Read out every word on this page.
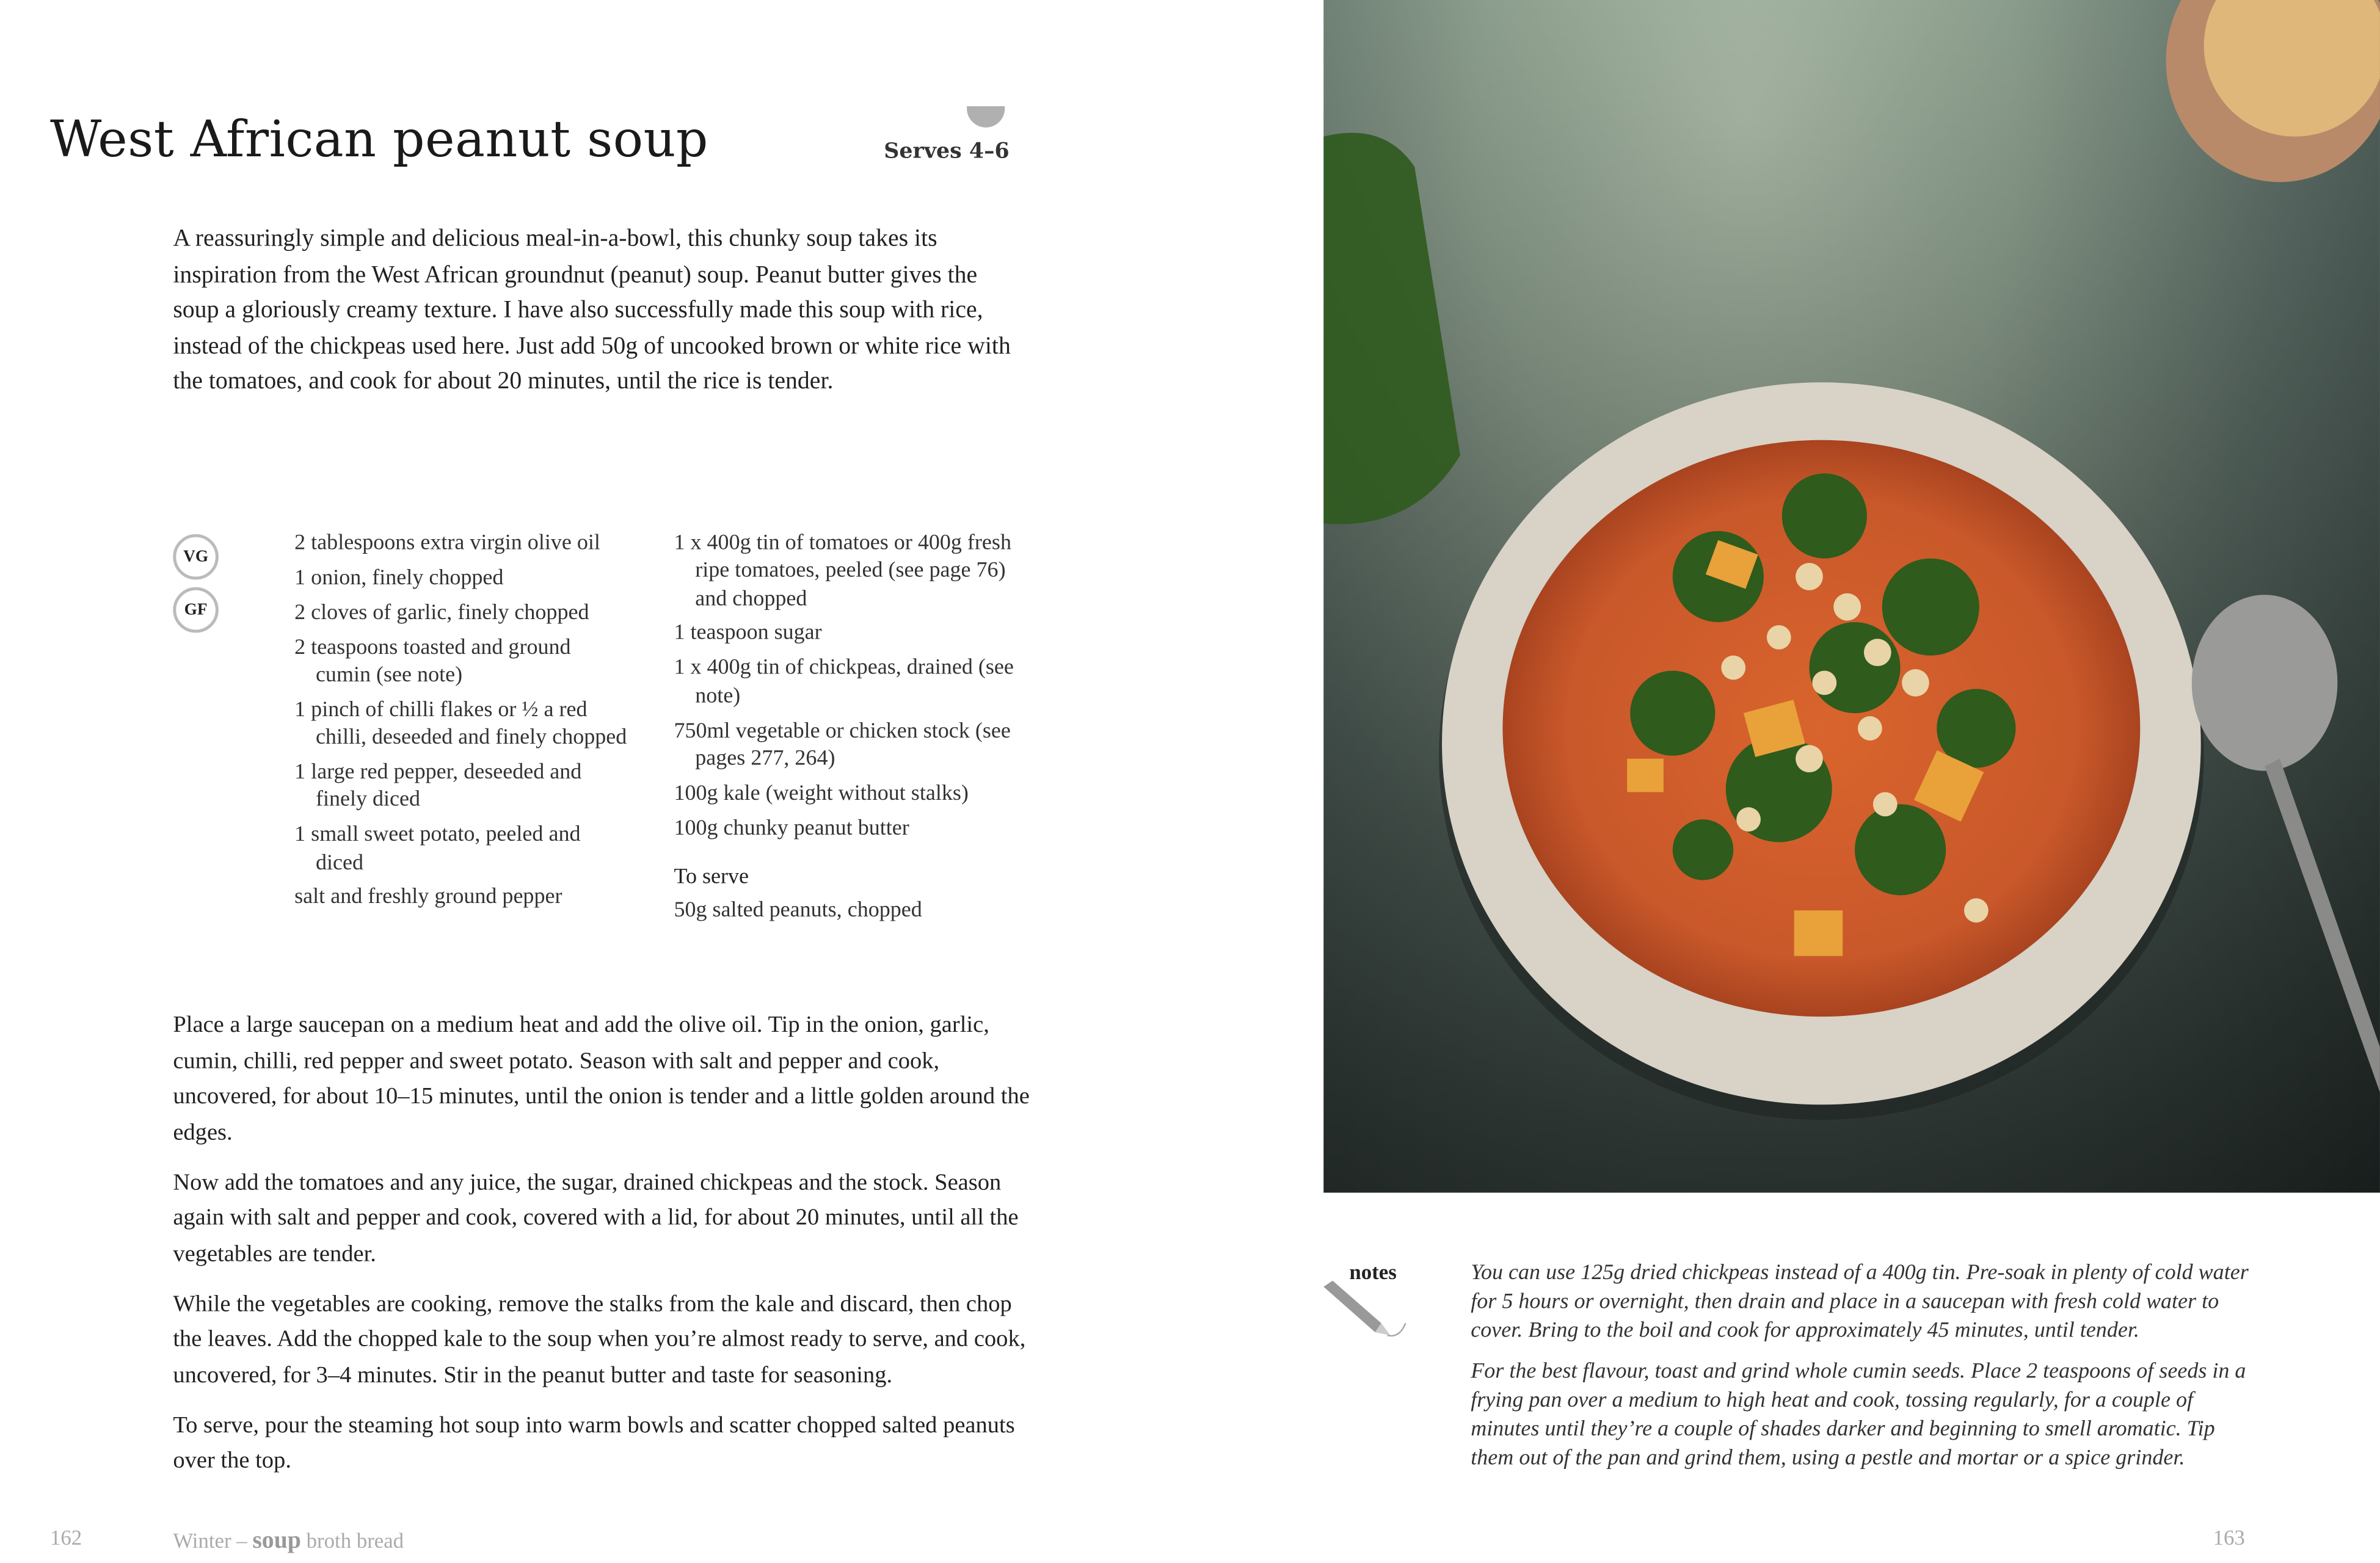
West African peanut soup	Serves 4–6
A reassuringly simple and delicious meal-in-a-bowl, this chunky soup takes its inspiration from the West African groundnut (peanut) soup. Peanut butter gives the soup a gloriously creamy texture. I have also successfully made this soup with rice, instead of the chickpeas used here. Just add 50g of uncooked brown or white rice with the tomatoes, and cook for about 20 minutes, until the rice is tender.
VG
GF
2 tablespoons extra virgin olive oil
1 onion, finely chopped
2 cloves of garlic, finely chopped
2 teaspoons toasted and ground cumin (see note)
1 pinch of chilli flakes or ½ a red chilli, deseeded and finely chopped
1 large red pepper, deseeded and finely diced
1 small sweet potato, peeled and diced
salt and freshly ground pepper
1 x 400g tin of tomatoes or 400g fresh ripe tomatoes, peeled (see page 76) and chopped
1 teaspoon sugar
1 x 400g tin of chickpeas, drained (see note)
750ml vegetable or chicken stock (see pages 277, 264)
100g kale (weight without stalks)
100g chunky peanut butter
To serve
50g salted peanuts, chopped

Place a large saucepan on a medium heat and add the olive oil. Tip in the onion, garlic, cumin, chilli, red pepper and sweet potato. Season with salt and pepper and cook, uncovered, for about 10–15 minutes, until the onion is tender and a little golden around the edges.

Now add the tomatoes and any juice, the sugar, drained chickpeas and the stock. Season again with salt and pepper and cook, covered with a lid, for about 20 minutes, until all the vegetables are tender.

While the vegetables are cooking, remove the stalks from the kale and discard, then chop the leaves. Add the chopped kale to the soup when you’re almost ready to serve, and cook, uncovered, for 3–4 minutes. Stir in the peanut butter and taste for seasoning.

To serve, pour the steaming hot soup into warm bowls and scatter chopped salted peanuts over the top.

162	Winter – soup broth bread	163
notes	You can use 125g dried chickpeas instead of a 400g tin. Pre-soak in plenty of cold water for 5 hours or overnight, then drain and place in a saucepan with fresh cold water to cover. Bring to the boil and cook for approximately 45 minutes, until tender.

For the best flavour, toast and grind whole cumin seeds. Place 2 teaspoons of seeds in a frying pan over a medium to high heat and cook, tossing regularly, for a couple of minutes until they’re a couple of shades darker and beginning to smell aromatic. Tip them out of the pan and grind them, using a pestle and mortar or a spice grinder.
